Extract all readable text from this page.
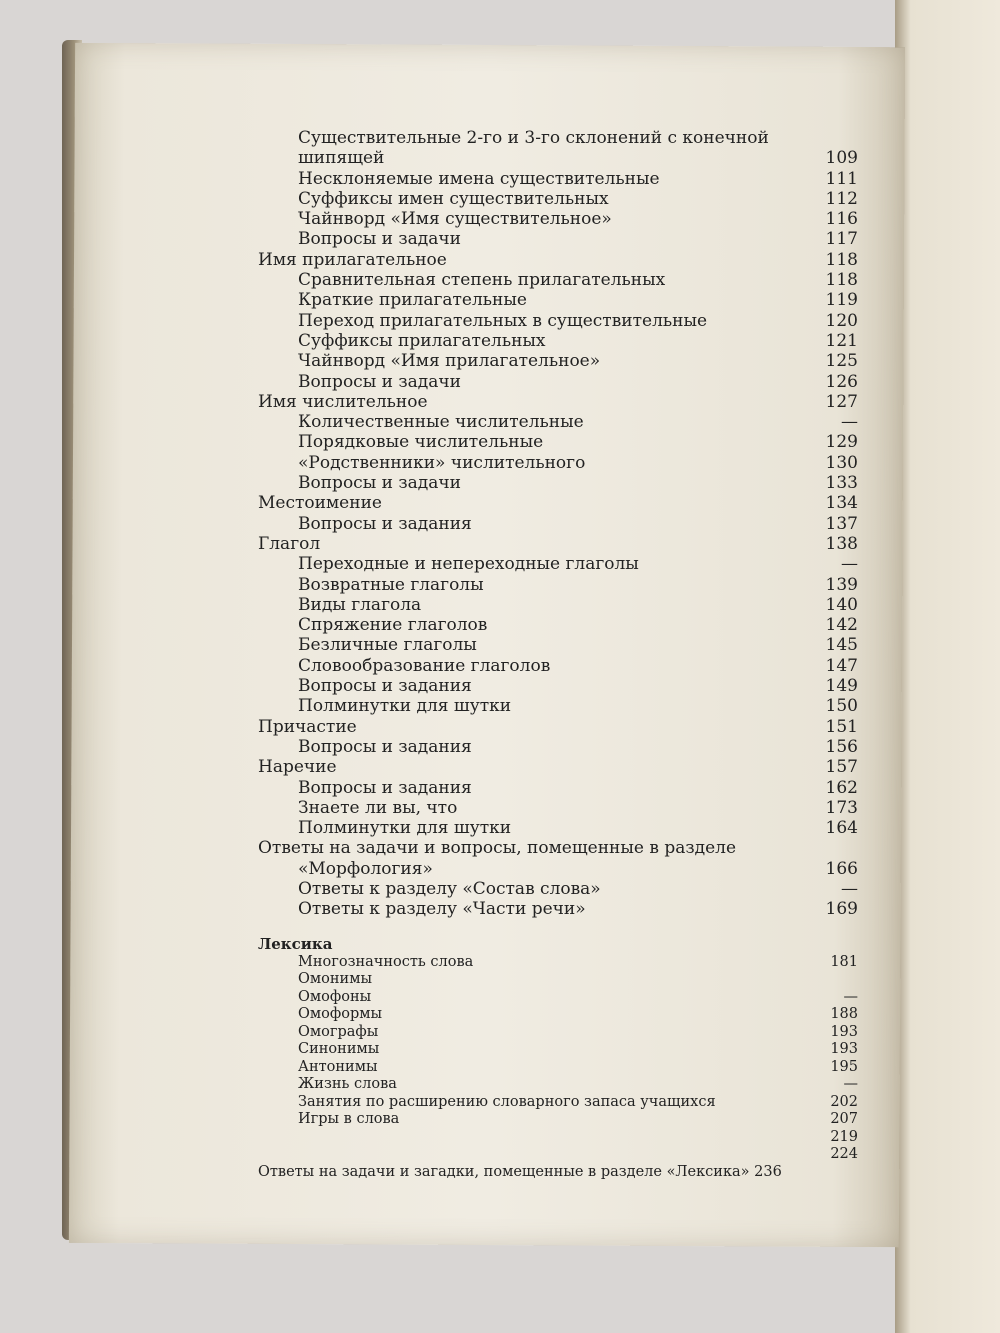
Существительные 2-го и 3-го склонений с конечной
шипящей	109
Несклоняемые имена существительные	111
Суффиксы имен существительных	112
Чайнворд «Имя существительное»	116
Вопросы и задачи	117
Имя прилагательное	118
Сравнительная степень прилагательных	118
Краткие прилагательные	119
Переход прилагательных в существительные	120
Суффиксы прилагательных	121
Чайнворд «Имя прилагательное»	125
Вопросы и задачи	126
Имя числительное	127
Количественные числительные	—
Порядковые числительные	129
«Родственники» числительного	130
Вопросы и задачи	133
Местоимение	134
Вопросы и задания	137
Глагол	138
Переходные и непереходные глаголы	—
Возвратные глаголы	139
Виды глагола	140
Спряжение глаголов	142
Безличные глаголы	145
Словообразование глаголов	147
Вопросы и задания	149
Полминутки для шутки	150
Причастие	151
Вопросы и задания	156
Наречие	157
Вопросы и задания	162
Знаете ли вы, что	173
Полминутки для шутки	164
Ответы на задачи и вопросы, помещенные в разделе
«Морфология»	166
Ответы к разделу «Состав слова»	—
Ответы к разделу «Части речи»	169
Лексика
Многозначность слова	181
Омонимы
Омофоны	—
Омоформы	188
Омографы	193
Синонимы	193
Антонимы	195
Жизнь слова	—
Занятия по расширению словарного запаса учащихся	202
Игры в слова	207
219
224
Ответы на задачи и загадки, помещенные в разделе «Лексика» 236
